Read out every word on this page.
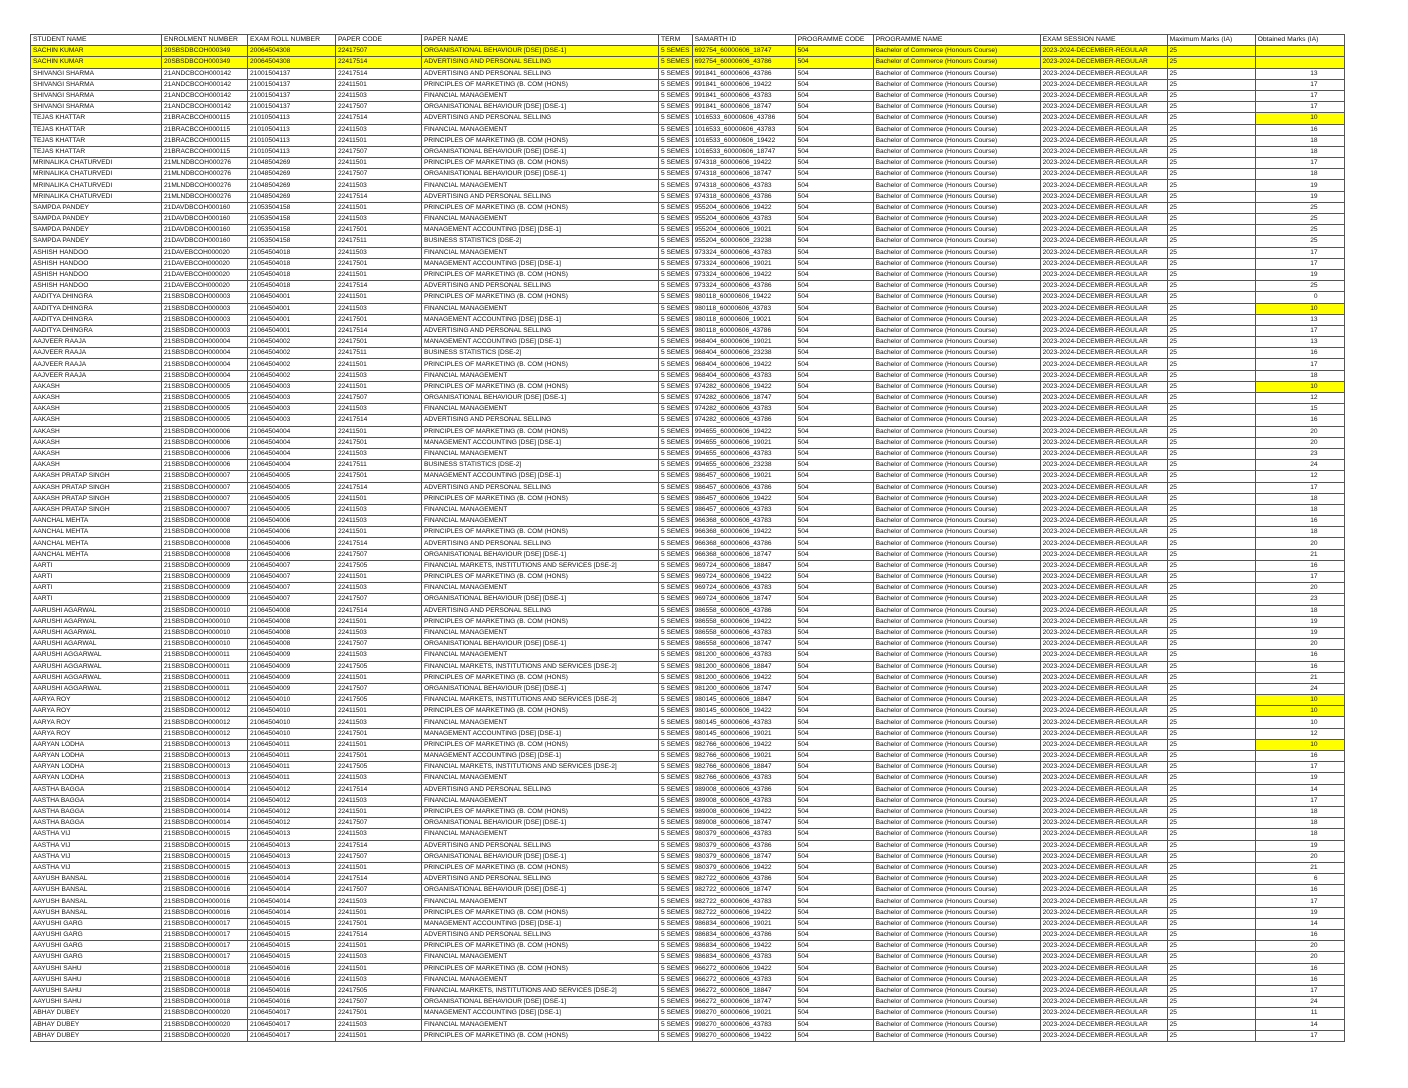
STUDENT NAME	ENROLMENT NUMBER	EXAM ROLL NUMBER	PAPER CODE	PAPER NAME	TERM	SAMARTH ID	PROGRAMME CODE	PROGRAMME NAME	EXAM SESSION NAME	Maximum Marks (IA)	Obtained Marks (IA)
SACHIN KUMAR	20SBSDBCOH000349	20064504308	22417507	ORGANISATIONAL BEHAVIOUR [DSE] [DSE-1]	5 SEMES	692754_60000606_18747	504	Bachelor of Commerce (Honours Course)	2023-2024-DECEMBER-REGULAR	25	
SACHIN KUMAR	20SBSDBCOH000349	20064504308	22417514	ADVERTISING AND PERSONAL SELLING	5 SEMES	692754_60000606_43786	504	Bachelor of Commerce (Honours Course)	2023-2024-DECEMBER-REGULAR	25	
SHIVANGI SHARMA	21ANDCBCOH000142	21001504137	22417514	ADVERTISING AND PERSONAL SELLING	5 SEMES	991841_60000606_43786	504	Bachelor of Commerce (Honours Course)	2023-2024-DECEMBER-REGULAR	25	13
SHIVANGI SHARMA	21ANDCBCOH000142	21001504137	22411501	PRINCIPLES OF MARKETING (B. COM (HONS)	5 SEMES	991841_60000606_19422	504	Bachelor of Commerce (Honours Course)	2023-2024-DECEMBER-REGULAR	25	17
SHIVANGI SHARMA	21ANDCBCOH000142	21001504137	22411503	FINANCIAL MANAGEMENT	5 SEMES	991841_60000606_43783	504	Bachelor of Commerce (Honours Course)	2023-2024-DECEMBER-REGULAR	25	17
SHIVANGI SHARMA	21ANDCBCOH000142	21001504137	22417507	ORGANISATIONAL BEHAVIOUR [DSE] [DSE-1]	5 SEMES	991841_60000606_18747	504	Bachelor of Commerce (Honours Course)	2023-2024-DECEMBER-REGULAR	25	17
TEJAS KHATTAR	21BRACBCOH000115	21010504113	22417514	ADVERTISING AND PERSONAL SELLING	5 SEMES	1016533_60000606_43786	504	Bachelor of Commerce (Honours Course)	2023-2024-DECEMBER-REGULAR	25	10
TEJAS KHATTAR	21BRACBCOH000115	21010504113	22411503	FINANCIAL MANAGEMENT	5 SEMES	1016533_60000606_43783	504	Bachelor of Commerce (Honours Course)	2023-2024-DECEMBER-REGULAR	25	16
TEJAS KHATTAR	21BRACBCOH000115	21010504113	22411501	PRINCIPLES OF MARKETING (B. COM (HONS)	5 SEMES	1016533_60000606_19422	504	Bachelor of Commerce (Honours Course)	2023-2024-DECEMBER-REGULAR	25	18
TEJAS KHATTAR	21BRACBCOH000115	21010504113	22417507	ORGANISATIONAL BEHAVIOUR [DSE] [DSE-1]	5 SEMES	1016533_60000606_18747	504	Bachelor of Commerce (Honours Course)	2023-2024-DECEMBER-REGULAR	25	18
MRINALIKA CHATURVEDI	21MLNDBCOH000276	21048504269	22411501	PRINCIPLES OF MARKETING (B. COM (HONS)	5 SEMES	974318_60000606_19422	504	Bachelor of Commerce (Honours Course)	2023-2024-DECEMBER-REGULAR	25	17
MRINALIKA CHATURVEDI	21MLNDBCOH000276	21048504269	22417507	ORGANISATIONAL BEHAVIOUR [DSE] [DSE-1]	5 SEMES	974318_60000606_18747	504	Bachelor of Commerce (Honours Course)	2023-2024-DECEMBER-REGULAR	25	18
MRINALIKA CHATURVEDI	21MLNDBCOH000276	21048504269	22411503	FINANCIAL MANAGEMENT	5 SEMES	974318_60000606_43783	504	Bachelor of Commerce (Honours Course)	2023-2024-DECEMBER-REGULAR	25	19
MRINALIKA CHATURVEDI	21MLNDBCOH000276	21048504269	22417514	ADVERTISING AND PERSONAL SELLING	5 SEMES	974318_60000606_43786	504	Bachelor of Commerce (Honours Course)	2023-2024-DECEMBER-REGULAR	25	19
SAMPDA PANDEY	21DAVDBCOH000160	21053504158	22411501	PRINCIPLES OF MARKETING (B. COM (HONS)	5 SEMES	955204_60000606_19422	504	Bachelor of Commerce (Honours Course)	2023-2024-DECEMBER-REGULAR	25	25
SAMPDA PANDEY	21DAVDBCOH000160	21053504158	22411503	FINANCIAL MANAGEMENT	5 SEMES	955204_60000606_43783	504	Bachelor of Commerce (Honours Course)	2023-2024-DECEMBER-REGULAR	25	25
SAMPDA PANDEY	21DAVDBCOH000160	21053504158	22417501	MANAGEMENT ACCOUNTING [DSE] [DSE-1]	5 SEMES	955204_60000606_19021	504	Bachelor of Commerce (Honours Course)	2023-2024-DECEMBER-REGULAR	25	25
SAMPDA PANDEY	21DAVDBCOH000160	21053504158	22417511	BUSINESS STATISTICS [DSE-2]	5 SEMES	955204_60000606_23238	504	Bachelor of Commerce (Honours Course)	2023-2024-DECEMBER-REGULAR	25	25
ASHISH HANDOO	21DAVEBCOH000020	21054504018	22411503	FINANCIAL MANAGEMENT	5 SEMES	973324_60000606_43783	504	Bachelor of Commerce (Honours Course)	2023-2024-DECEMBER-REGULAR	25	17
ASHISH HANDOO	21DAVEBCOH000020	21054504018	22417501	MANAGEMENT ACCOUNTING [DSE] [DSE-1]	5 SEMES	973324_60000606_19021	504	Bachelor of Commerce (Honours Course)	2023-2024-DECEMBER-REGULAR	25	17
ASHISH HANDOO	21DAVEBCOH000020	21054504018	22411501	PRINCIPLES OF MARKETING (B. COM (HONS)	5 SEMES	973324_60000606_19422	504	Bachelor of Commerce (Honours Course)	2023-2024-DECEMBER-REGULAR	25	19
ASHISH HANDOO	21DAVEBCOH000020	21054504018	22417514	ADVERTISING AND PERSONAL SELLING	5 SEMES	973324_60000606_43786	504	Bachelor of Commerce (Honours Course)	2023-2024-DECEMBER-REGULAR	25	25
AADITYA DHINGRA	21SBSDBCOH000003	21064504001	22411501	PRINCIPLES OF MARKETING (B. COM (HONS)	5 SEMES	980118_60000606_19422	504	Bachelor of Commerce (Honours Course)	2023-2024-DECEMBER-REGULAR	25	0
AADITYA DHINGRA	21SBSDBCOH000003	21064504001	22411503	FINANCIAL MANAGEMENT	5 SEMES	980118_60000606_43783	504	Bachelor of Commerce (Honours Course)	2023-2024-DECEMBER-REGULAR	25	10
AADITYA DHINGRA	21SBSDBCOH000003	21064504001	22417501	MANAGEMENT ACCOUNTING [DSE] [DSE-1]	5 SEMES	980118_60000606_19021	504	Bachelor of Commerce (Honours Course)	2023-2024-DECEMBER-REGULAR	25	13
AADITYA DHINGRA	21SBSDBCOH000003	21064504001	22417514	ADVERTISING AND PERSONAL SELLING	5 SEMES	980118_60000606_43786	504	Bachelor of Commerce (Honours Course)	2023-2024-DECEMBER-REGULAR	25	17
AAJVEER RAAJA	21SBSDBCOH000004	21064504002	22417501	MANAGEMENT ACCOUNTING [DSE] [DSE-1]	5 SEMES	968404_60000606_19021	504	Bachelor of Commerce (Honours Course)	2023-2024-DECEMBER-REGULAR	25	13
AAJVEER RAAJA	21SBSDBCOH000004	21064504002	22417511	BUSINESS STATISTICS [DSE-2]	5 SEMES	968404_60000606_23238	504	Bachelor of Commerce (Honours Course)	2023-2024-DECEMBER-REGULAR	25	16
AAJVEER RAAJA	21SBSDBCOH000004	21064504002	22411501	PRINCIPLES OF MARKETING (B. COM (HONS)	5 SEMES	968404_60000606_19422	504	Bachelor of Commerce (Honours Course)	2023-2024-DECEMBER-REGULAR	25	17
AAJVEER RAAJA	21SBSDBCOH000004	21064504002	22411503	FINANCIAL MANAGEMENT	5 SEMES	968404_60000606_43783	504	Bachelor of Commerce (Honours Course)	2023-2024-DECEMBER-REGULAR	25	18
AAKASH	21SBSDBCOH000005	21064504003	22411501	PRINCIPLES OF MARKETING (B. COM (HONS)	5 SEMES	974282_60000606_19422	504	Bachelor of Commerce (Honours Course)	2023-2024-DECEMBER-REGULAR	25	10
AAKASH	21SBSDBCOH000005	21064504003	22417507	ORGANISATIONAL BEHAVIOUR [DSE] [DSE-1]	5 SEMES	974282_60000606_18747	504	Bachelor of Commerce (Honours Course)	2023-2024-DECEMBER-REGULAR	25	12
AAKASH	21SBSDBCOH000005	21064504003	22411503	FINANCIAL MANAGEMENT	5 SEMES	974282_60000606_43783	504	Bachelor of Commerce (Honours Course)	2023-2024-DECEMBER-REGULAR	25	15
AAKASH	21SBSDBCOH000005	21064504003	22417514	ADVERTISING AND PERSONAL SELLING	5 SEMES	974282_60000606_43786	504	Bachelor of Commerce (Honours Course)	2023-2024-DECEMBER-REGULAR	25	16
AAKASH	21SBSDBCOH000006	21064504004	22411501	PRINCIPLES OF MARKETING (B. COM (HONS)	5 SEMES	994655_60000606_19422	504	Bachelor of Commerce (Honours Course)	2023-2024-DECEMBER-REGULAR	25	20
AAKASH	21SBSDBCOH000006	21064504004	22417501	MANAGEMENT ACCOUNTING [DSE] [DSE-1]	5 SEMES	994655_60000606_19021	504	Bachelor of Commerce (Honours Course)	2023-2024-DECEMBER-REGULAR	25	20
AAKASH	21SBSDBCOH000006	21064504004	22411503	FINANCIAL MANAGEMENT	5 SEMES	994655_60000606_43783	504	Bachelor of Commerce (Honours Course)	2023-2024-DECEMBER-REGULAR	25	23
AAKASH	21SBSDBCOH000006	21064504004	22417511	BUSINESS STATISTICS [DSE-2]	5 SEMES	994655_60000606_23238	504	Bachelor of Commerce (Honours Course)	2023-2024-DECEMBER-REGULAR	25	24
AAKASH PRATAP SINGH	21SBSDBCOH000007	21064504005	22417501	MANAGEMENT ACCOUNTING [DSE] [DSE-1]	5 SEMES	986457_60000606_19021	504	Bachelor of Commerce (Honours Course)	2023-2024-DECEMBER-REGULAR	25	12
AAKASH PRATAP SINGH	21SBSDBCOH000007	21064504005	22417514	ADVERTISING AND PERSONAL SELLING	5 SEMES	986457_60000606_43786	504	Bachelor of Commerce (Honours Course)	2023-2024-DECEMBER-REGULAR	25	17
AAKASH PRATAP SINGH	21SBSDBCOH000007	21064504005	22411501	PRINCIPLES OF MARKETING (B. COM (HONS)	5 SEMES	986457_60000606_19422	504	Bachelor of Commerce (Honours Course)	2023-2024-DECEMBER-REGULAR	25	18
AAKASH PRATAP SINGH	21SBSDBCOH000007	21064504005	22411503	FINANCIAL MANAGEMENT	5 SEMES	986457_60000606_43783	504	Bachelor of Commerce (Honours Course)	2023-2024-DECEMBER-REGULAR	25	18
AANCHAL MEHTA	21SBSDBCOH000008	21064504006	22411503	FINANCIAL MANAGEMENT	5 SEMES	966368_60000606_43783	504	Bachelor of Commerce (Honours Course)	2023-2024-DECEMBER-REGULAR	25	16
AANCHAL MEHTA	21SBSDBCOH000008	21064504006	22411501	PRINCIPLES OF MARKETING (B. COM (HONS)	5 SEMES	966368_60000606_19422	504	Bachelor of Commerce (Honours Course)	2023-2024-DECEMBER-REGULAR	25	18
AANCHAL MEHTA	21SBSDBCOH000008	21064504006	22417514	ADVERTISING AND PERSONAL SELLING	5 SEMES	966368_60000606_43786	504	Bachelor of Commerce (Honours Course)	2023-2024-DECEMBER-REGULAR	25	20
AANCHAL MEHTA	21SBSDBCOH000008	21064504006	22417507	ORGANISATIONAL BEHAVIOUR [DSE] [DSE-1]	5 SEMES	966368_60000606_18747	504	Bachelor of Commerce (Honours Course)	2023-2024-DECEMBER-REGULAR	25	21
AARTI	21SBSDBCOH000009	21064504007	22417505	FINANCIAL MARKETS, INSTITUTIONS AND SERVICES [DSE-2]	5 SEMES	969724_60000606_18847	504	Bachelor of Commerce (Honours Course)	2023-2024-DECEMBER-REGULAR	25	16
AARTI	21SBSDBCOH000009	21064504007	22411501	PRINCIPLES OF MARKETING (B. COM (HONS)	5 SEMES	969724_60000606_19422	504	Bachelor of Commerce (Honours Course)	2023-2024-DECEMBER-REGULAR	25	17
AARTI	21SBSDBCOH000009	21064504007	22411503	FINANCIAL MANAGEMENT	5 SEMES	969724_60000606_43783	504	Bachelor of Commerce (Honours Course)	2023-2024-DECEMBER-REGULAR	25	20
AARTI	21SBSDBCOH000009	21064504007	22417507	ORGANISATIONAL BEHAVIOUR [DSE] [DSE-1]	5 SEMES	969724_60000606_18747	504	Bachelor of Commerce (Honours Course)	2023-2024-DECEMBER-REGULAR	25	23
AARUSHI AGARWAL	21SBSDBCOH000010	21064504008	22417514	ADVERTISING AND PERSONAL SELLING	5 SEMES	986558_60000606_43786	504	Bachelor of Commerce (Honours Course)	2023-2024-DECEMBER-REGULAR	25	18
AARUSHI AGARWAL	21SBSDBCOH000010	21064504008	22411501	PRINCIPLES OF MARKETING (B. COM (HONS)	5 SEMES	986558_60000606_19422	504	Bachelor of Commerce (Honours Course)	2023-2024-DECEMBER-REGULAR	25	19
AARUSHI AGARWAL	21SBSDBCOH000010	21064504008	22411503	FINANCIAL MANAGEMENT	5 SEMES	986558_60000606_43783	504	Bachelor of Commerce (Honours Course)	2023-2024-DECEMBER-REGULAR	25	19
AARUSHI AGARWAL	21SBSDBCOH000010	21064504008	22417507	ORGANISATIONAL BEHAVIOUR [DSE] [DSE-1]	5 SEMES	986558_60000606_18747	504	Bachelor of Commerce (Honours Course)	2023-2024-DECEMBER-REGULAR	25	20
AARUSHI AGGARWAL	21SBSDBCOH000011	21064504009	22411503	FINANCIAL MANAGEMENT	5 SEMES	981200_60000606_43783	504	Bachelor of Commerce (Honours Course)	2023-2024-DECEMBER-REGULAR	25	16
AARUSHI AGGARWAL	21SBSDBCOH000011	21064504009	22417505	FINANCIAL MARKETS, INSTITUTIONS AND SERVICES [DSE-2]	5 SEMES	981200_60000606_18847	504	Bachelor of Commerce (Honours Course)	2023-2024-DECEMBER-REGULAR	25	16
AARUSHI AGGARWAL	21SBSDBCOH000011	21064504009	22411501	PRINCIPLES OF MARKETING (B. COM (HONS)	5 SEMES	981200_60000606_19422	504	Bachelor of Commerce (Honours Course)	2023-2024-DECEMBER-REGULAR	25	21
AARUSHI AGGARWAL	21SBSDBCOH000011	21064504009	22417507	ORGANISATIONAL BEHAVIOUR [DSE] [DSE-1]	5 SEMES	981200_60000606_18747	504	Bachelor of Commerce (Honours Course)	2023-2024-DECEMBER-REGULAR	25	24
AARYA ROY	21SBSDBCOH000012	21064504010	22417505	FINANCIAL MARKETS, INSTITUTIONS AND SERVICES [DSE-2]	5 SEMES	980145_60000606_18847	504	Bachelor of Commerce (Honours Course)	2023-2024-DECEMBER-REGULAR	25	10
AARYA ROY	21SBSDBCOH000012	21064504010	22411501	PRINCIPLES OF MARKETING (B. COM (HONS)	5 SEMES	980145_60000606_19422	504	Bachelor of Commerce (Honours Course)	2023-2024-DECEMBER-REGULAR	25	10
AARYA ROY	21SBSDBCOH000012	21064504010	22411503	FINANCIAL MANAGEMENT	5 SEMES	980145_60000606_43783	504	Bachelor of Commerce (Honours Course)	2023-2024-DECEMBER-REGULAR	25	10
AARYA ROY	21SBSDBCOH000012	21064504010	22417501	MANAGEMENT ACCOUNTING [DSE] [DSE-1]	5 SEMES	980145_60000606_19021	504	Bachelor of Commerce (Honours Course)	2023-2024-DECEMBER-REGULAR	25	12
AARYAN LODHA	21SBSDBCOH000013	21064504011	22411501	PRINCIPLES OF MARKETING (B. COM (HONS)	5 SEMES	982766_60000606_19422	504	Bachelor of Commerce (Honours Course)	2023-2024-DECEMBER-REGULAR	25	10
AARYAN LODHA	21SBSDBCOH000013	21064504011	22417501	MANAGEMENT ACCOUNTING [DSE] [DSE-1]	5 SEMES	982766_60000606_19021	504	Bachelor of Commerce (Honours Course)	2023-2024-DECEMBER-REGULAR	25	16
AARYAN LODHA	21SBSDBCOH000013	21064504011	22417505	FINANCIAL MARKETS, INSTITUTIONS AND SERVICES [DSE-2]	5 SEMES	982766_60000606_18847	504	Bachelor of Commerce (Honours Course)	2023-2024-DECEMBER-REGULAR	25	17
AARYAN LODHA	21SBSDBCOH000013	21064504011	22411503	FINANCIAL MANAGEMENT	5 SEMES	982766_60000606_43783	504	Bachelor of Commerce (Honours Course)	2023-2024-DECEMBER-REGULAR	25	19
AASTHA BAGGA	21SBSDBCOH000014	21064504012	22417514	ADVERTISING AND PERSONAL SELLING	5 SEMES	989008_60000606_43786	504	Bachelor of Commerce (Honours Course)	2023-2024-DECEMBER-REGULAR	25	14
AASTHA BAGGA	21SBSDBCOH000014	21064504012	22411503	FINANCIAL MANAGEMENT	5 SEMES	989008_60000606_43783	504	Bachelor of Commerce (Honours Course)	2023-2024-DECEMBER-REGULAR	25	17
AASTHA BAGGA	21SBSDBCOH000014	21064504012	22411501	PRINCIPLES OF MARKETING (B. COM (HONS)	5 SEMES	989008_60000606_19422	504	Bachelor of Commerce (Honours Course)	2023-2024-DECEMBER-REGULAR	25	18
AASTHA BAGGA	21SBSDBCOH000014	21064504012	22417507	ORGANISATIONAL BEHAVIOUR [DSE] [DSE-1]	5 SEMES	989008_60000606_18747	504	Bachelor of Commerce (Honours Course)	2023-2024-DECEMBER-REGULAR	25	18
AASTHA VIJ	21SBSDBCOH000015	21064504013	22411503	FINANCIAL MANAGEMENT	5 SEMES	980379_60000606_43783	504	Bachelor of Commerce (Honours Course)	2023-2024-DECEMBER-REGULAR	25	18
AASTHA VIJ	21SBSDBCOH000015	21064504013	22417514	ADVERTISING AND PERSONAL SELLING	5 SEMES	980379_60000606_43786	504	Bachelor of Commerce (Honours Course)	2023-2024-DECEMBER-REGULAR	25	19
AASTHA VIJ	21SBSDBCOH000015	21064504013	22417507	ORGANISATIONAL BEHAVIOUR [DSE] [DSE-1]	5 SEMES	980379_60000606_18747	504	Bachelor of Commerce (Honours Course)	2023-2024-DECEMBER-REGULAR	25	20
AASTHA VIJ	21SBSDBCOH000015	21064504013	22411501	PRINCIPLES OF MARKETING (B. COM (HONS)	5 SEMES	980379_60000606_19422	504	Bachelor of Commerce (Honours Course)	2023-2024-DECEMBER-REGULAR	25	21
AAYUSH BANSAL	21SBSDBCOH000016	21064504014	22417514	ADVERTISING AND PERSONAL SELLING	5 SEMES	982722_60000606_43786	504	Bachelor of Commerce (Honours Course)	2023-2024-DECEMBER-REGULAR	25	6
AAYUSH BANSAL	21SBSDBCOH000016	21064504014	22417507	ORGANISATIONAL BEHAVIOUR [DSE] [DSE-1]	5 SEMES	982722_60000606_18747	504	Bachelor of Commerce (Honours Course)	2023-2024-DECEMBER-REGULAR	25	16
AAYUSH BANSAL	21SBSDBCOH000016	21064504014	22411503	FINANCIAL MANAGEMENT	5 SEMES	982722_60000606_43783	504	Bachelor of Commerce (Honours Course)	2023-2024-DECEMBER-REGULAR	25	17
AAYUSH BANSAL	21SBSDBCOH000016	21064504014	22411501	PRINCIPLES OF MARKETING (B. COM (HONS)	5 SEMES	982722_60000606_19422	504	Bachelor of Commerce (Honours Course)	2023-2024-DECEMBER-REGULAR	25	19
AAYUSHI GARG	21SBSDBCOH000017	21064504015	22417501	MANAGEMENT ACCOUNTING [DSE] [DSE-1]	5 SEMES	986834_60000606_19021	504	Bachelor of Commerce (Honours Course)	2023-2024-DECEMBER-REGULAR	25	14
AAYUSHI GARG	21SBSDBCOH000017	21064504015	22417514	ADVERTISING AND PERSONAL SELLING	5 SEMES	986834_60000606_43786	504	Bachelor of Commerce (Honours Course)	2023-2024-DECEMBER-REGULAR	25	16
AAYUSHI GARG	21SBSDBCOH000017	21064504015	22411501	PRINCIPLES OF MARKETING (B. COM (HONS)	5 SEMES	986834_60000606_19422	504	Bachelor of Commerce (Honours Course)	2023-2024-DECEMBER-REGULAR	25	20
AAYUSHI GARG	21SBSDBCOH000017	21064504015	22411503	FINANCIAL MANAGEMENT	5 SEMES	986834_60000606_43783	504	Bachelor of Commerce (Honours Course)	2023-2024-DECEMBER-REGULAR	25	20
AAYUSHI SAHU	21SBSDBCOH000018	21064504016	22411501	PRINCIPLES OF MARKETING (B. COM (HONS)	5 SEMES	966272_60000606_19422	504	Bachelor of Commerce (Honours Course)	2023-2024-DECEMBER-REGULAR	25	16
AAYUSHI SAHU	21SBSDBCOH000018	21064504016	22411503	FINANCIAL MANAGEMENT	5 SEMES	966272_60000606_43783	504	Bachelor of Commerce (Honours Course)	2023-2024-DECEMBER-REGULAR	25	16
AAYUSHI SAHU	21SBSDBCOH000018	21064504016	22417505	FINANCIAL MARKETS, INSTITUTIONS AND SERVICES [DSE-2]	5 SEMES	966272_60000606_18847	504	Bachelor of Commerce (Honours Course)	2023-2024-DECEMBER-REGULAR	25	17
AAYUSHI SAHU	21SBSDBCOH000018	21064504016	22417507	ORGANISATIONAL BEHAVIOUR [DSE] [DSE-1]	5 SEMES	966272_60000606_18747	504	Bachelor of Commerce (Honours Course)	2023-2024-DECEMBER-REGULAR	25	24
ABHAY DUBEY	21SBSDBCOH000020	21064504017	22417501	MANAGEMENT ACCOUNTING [DSE] [DSE-1]	5 SEMES	998270_60000606_19021	504	Bachelor of Commerce (Honours Course)	2023-2024-DECEMBER-REGULAR	25	11
ABHAY DUBEY	21SBSDBCOH000020	21064504017	22411503	FINANCIAL MANAGEMENT	5 SEMES	998270_60000606_43783	504	Bachelor of Commerce (Honours Course)	2023-2024-DECEMBER-REGULAR	25	14
ABHAY DUBEY	21SBSDBCOH000020	21064504017	22411501	PRINCIPLES OF MARKETING (B. COM (HONS)	5 SEMES	998270_60000606_19422	504	Bachelor of Commerce (Honours Course)	2023-2024-DECEMBER-REGULAR	25	17
